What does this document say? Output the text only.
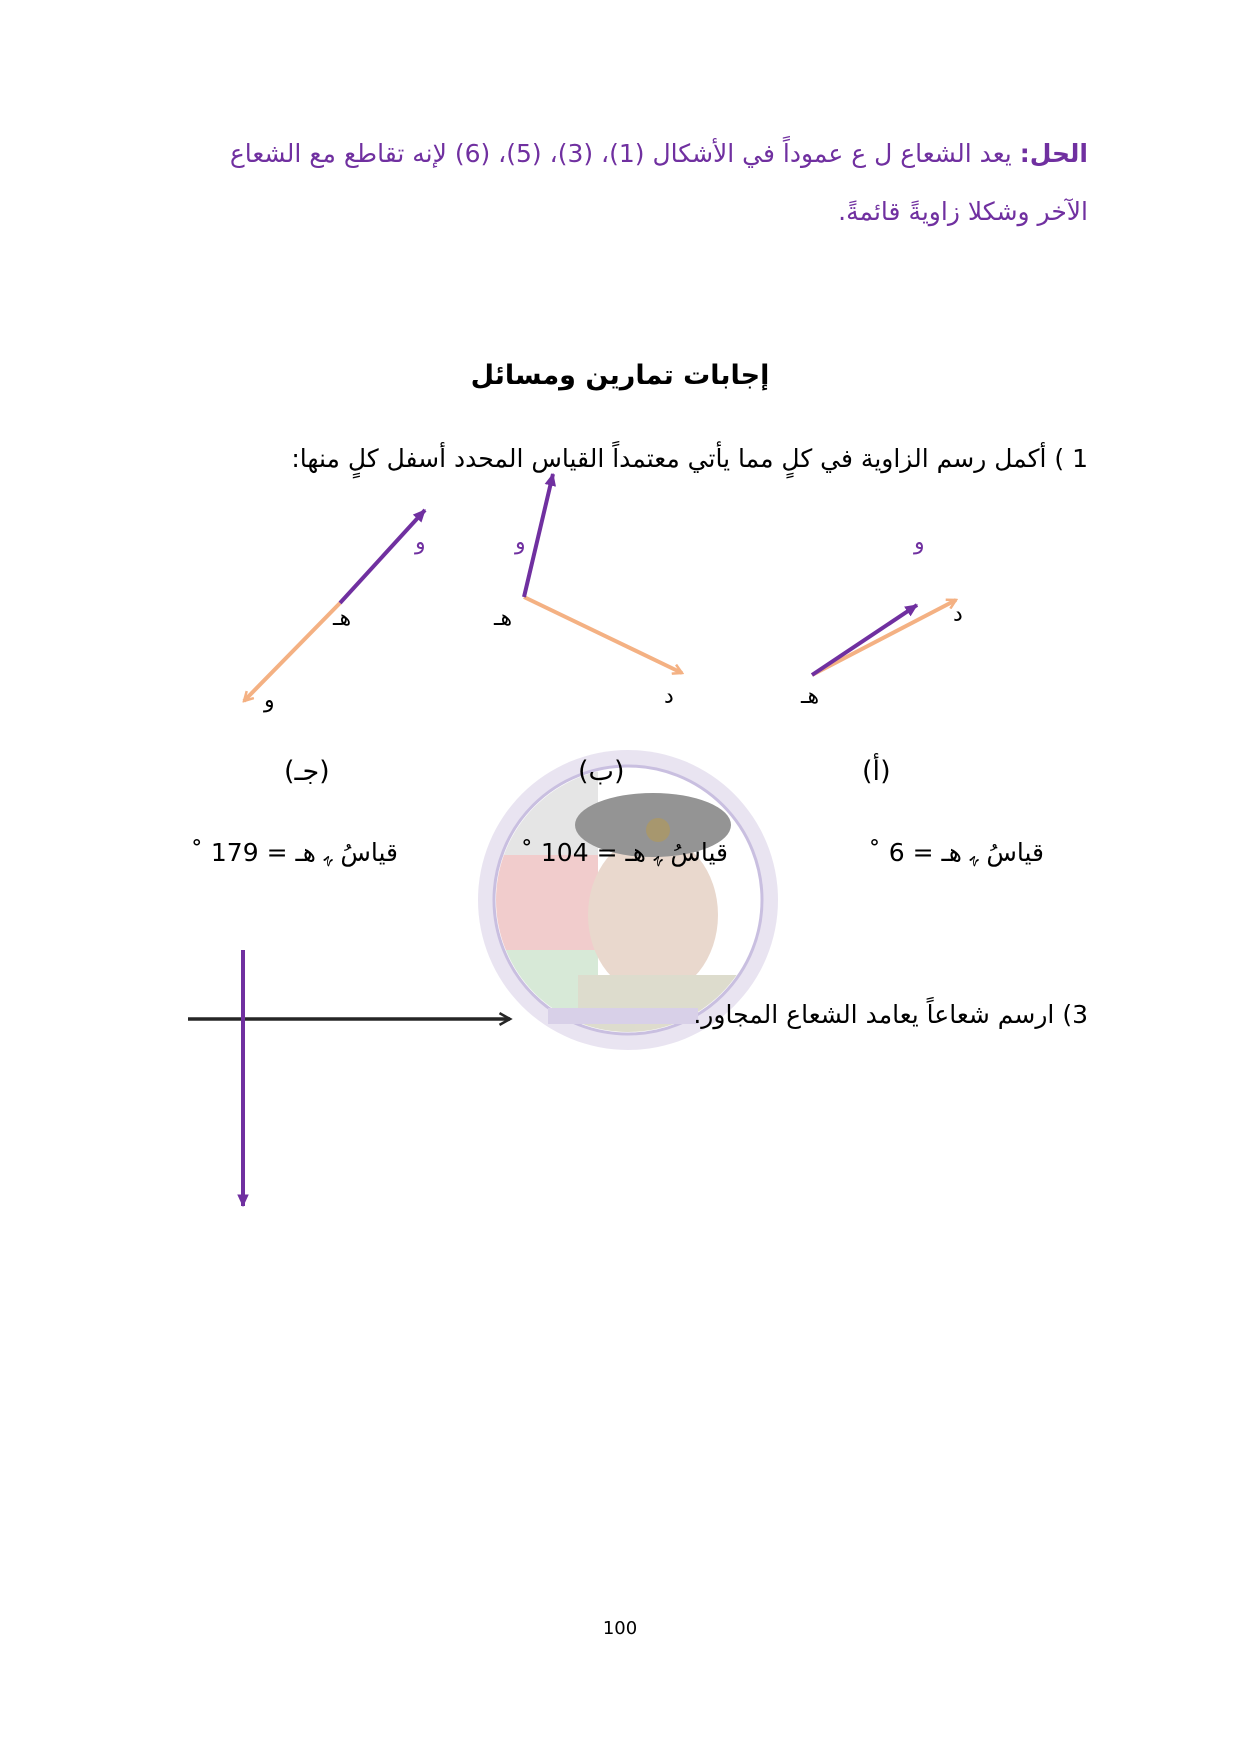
الحل: يعد الشعاع ل ع عموداً في الأشكال (1)، (3)، (5)، (6) لإنه تقاطع مع الشعاع
الآخر وشكلا زاويةً قائمةً.
إجابات تمارين ومسائل
1 ) أكمل رسم الزاوية في كلٍ مما يأتي معتمداً القياس المحدد أسفل كلٍ منها:
و
هـ
و
و
هـ
د
و
د
هـ
(جـ)	(ب)	(أ)
قياسُ ﮩ هـ = 179 ˚	قياسُ ﮩ هـ = 104 ˚	قياسُ ﮩ هـ = 6 ˚
3) ارسم شعاعاً يعامد الشعاع المجاور.
100
